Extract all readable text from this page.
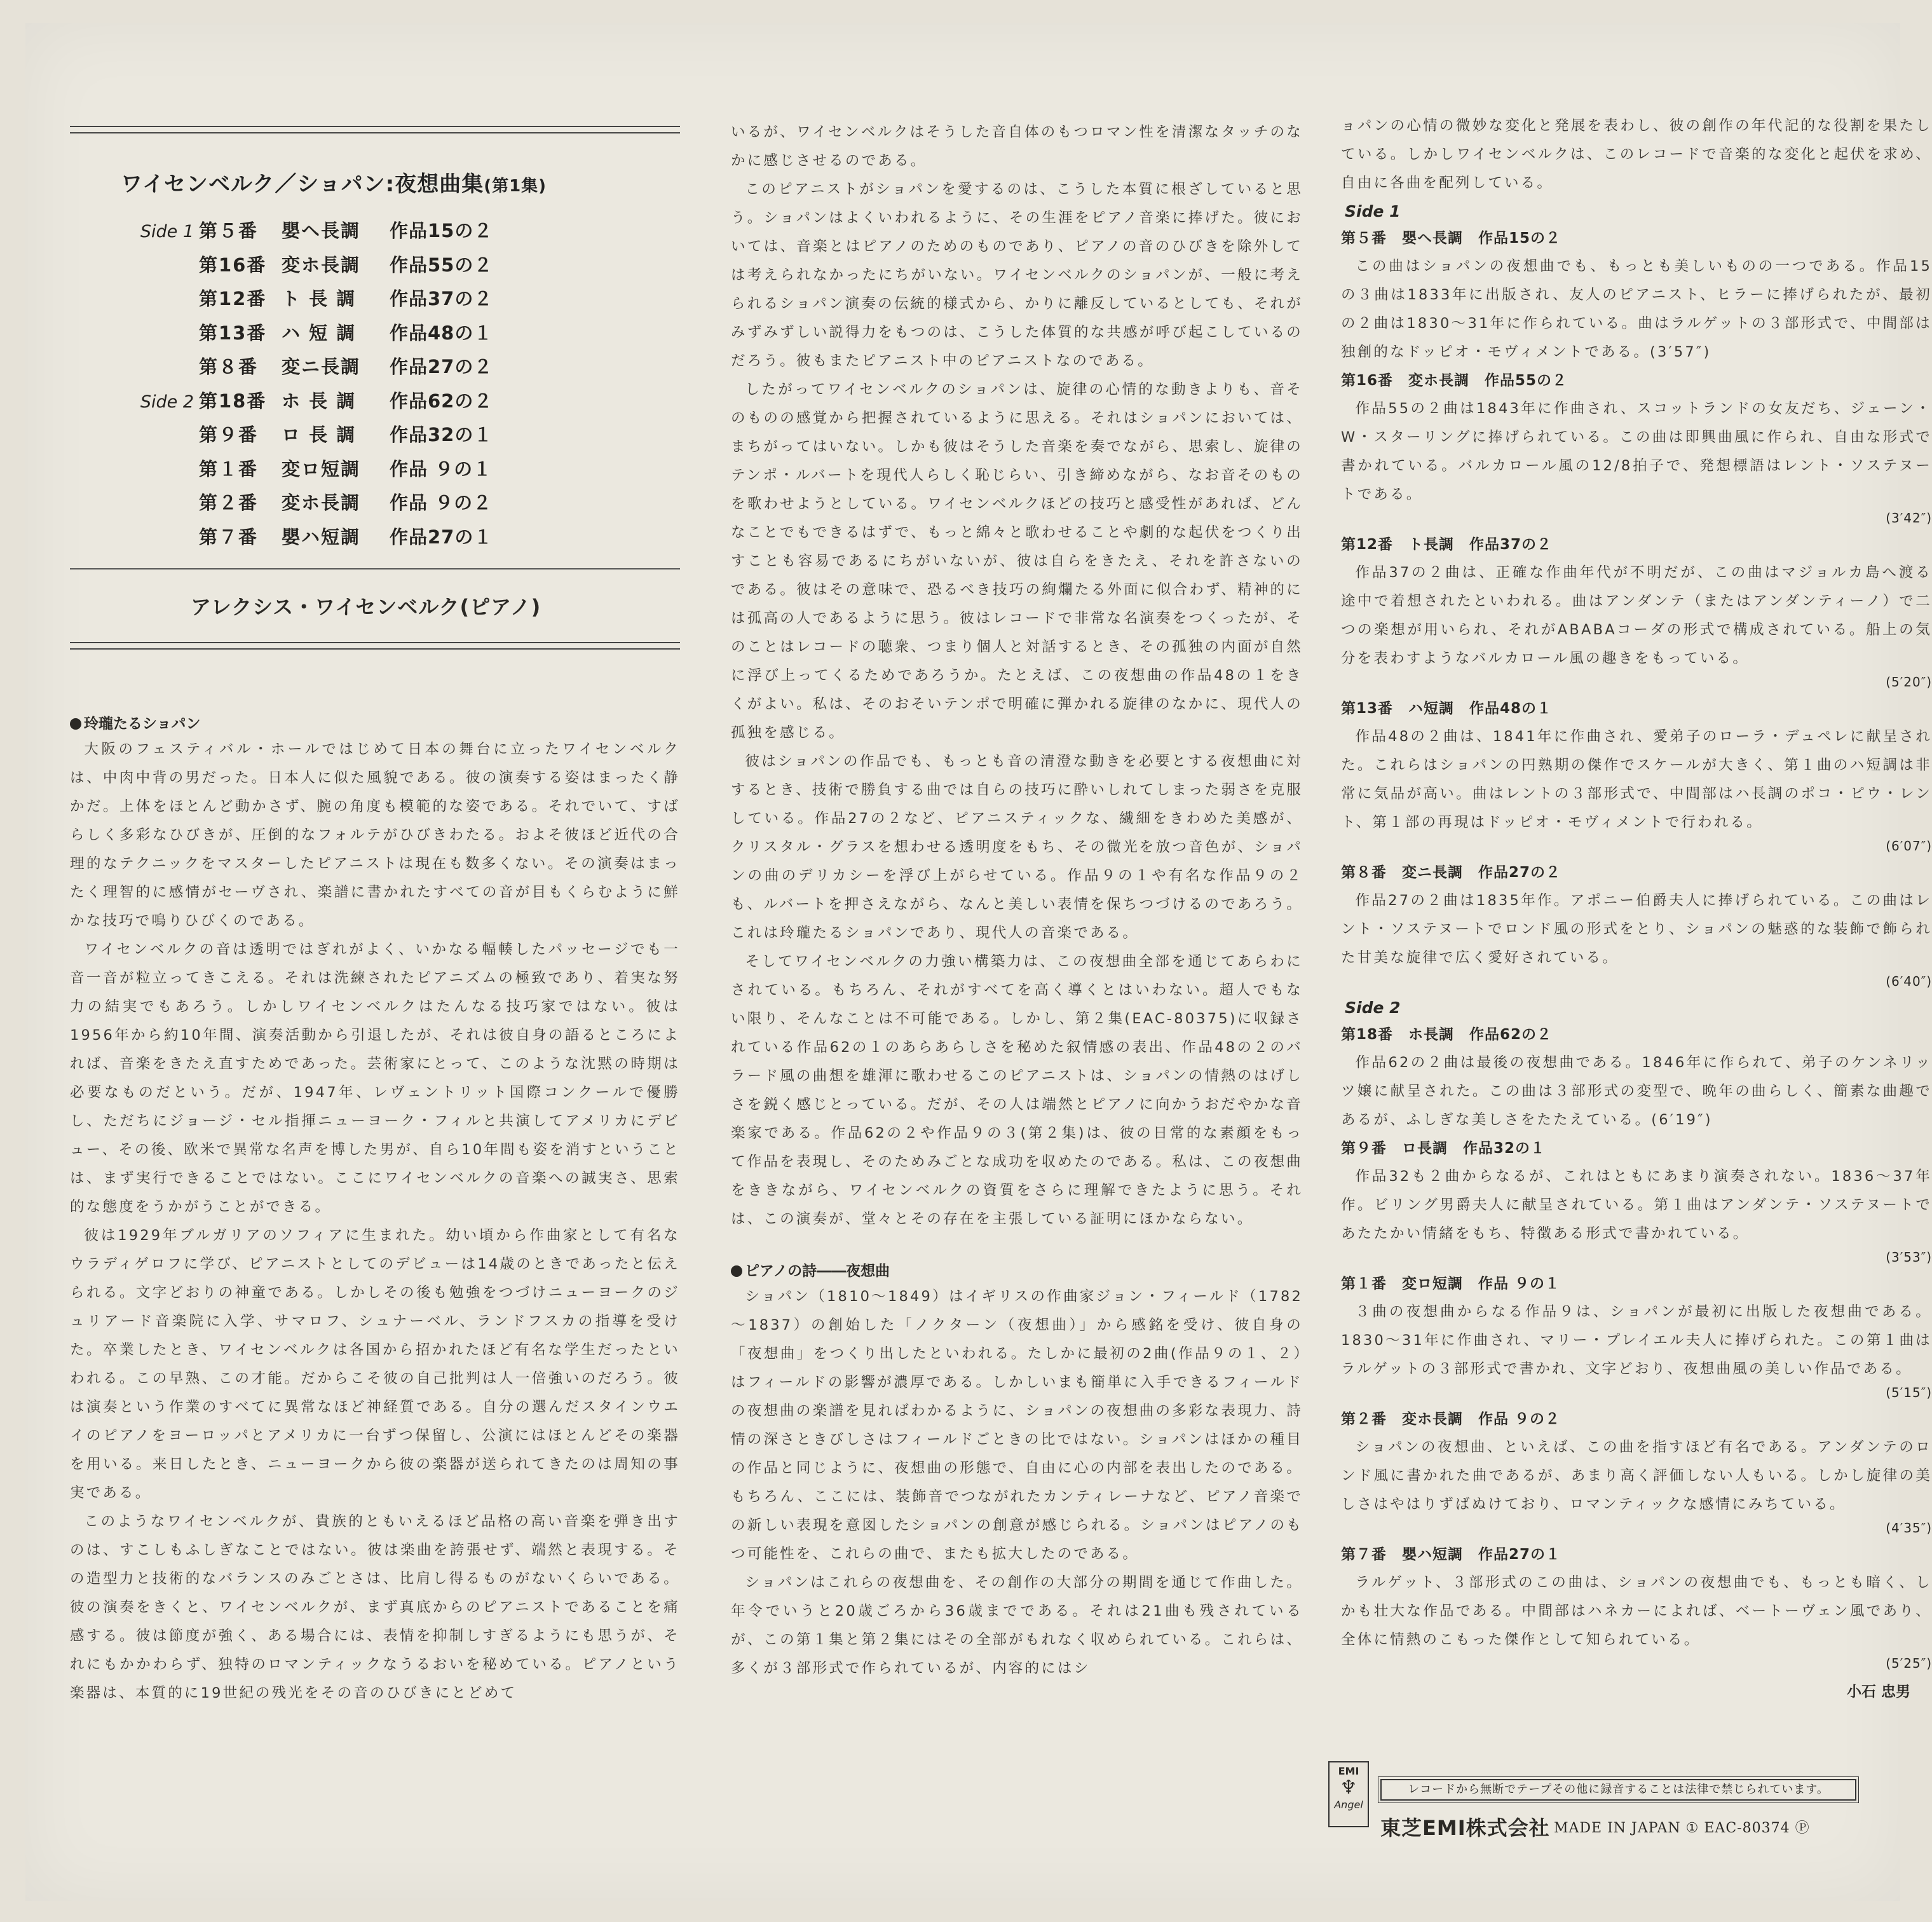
ワイセンベルク／ショパン:夜想曲集(第1集)
Side 1 第５番	嬰ヘ長調	作品15の２
第16番 変ホ長調	作品55の２
第12番 ト 長 調	作品37の２
第13番 ハ 短 調	作品48の１
第８番	変ニ長調	作品27の２
Side 2 第18番 ホ 長 調	作品62の２
第９番	ロ 長 調	作品32の１
第１番	変ロ短調	作品 ９の１
第２番	変ホ長調	作品 ９の２
第７番	嬰ハ短調	作品27の１
アレクシス・ワイセンベルク(ピアノ)
玲瓏たるショパン

大阪のフェスティバル・ホールではじめて日本の舞台に立ったワイセンベルクは、中肉中背の男だった。日本人に似た風貌である。彼の演奏する姿はまったく静かだ。上体をほとんど動かさず、腕の角度も模範的な姿である。それでいて、すばらしく多彩なひびきが、圧倒的なフォルテがひびきわたる。およそ彼ほど近代の合理的なテクニックをマスターしたピアニストは現在も数多くない。その演奏はまったく理智的に感情がセーヴされ、楽譜に書かれたすべての音が目もくらむように鮮かな技巧で鳴りひびくのである。

ワイセンベルクの音は透明ではぎれがよく、いかなる輻輳したパッセージでも一音一音が粒立ってきこえる。それは洗練されたピアニズムの極致であり、着実な努力の結実でもあろう。しかしワイセンベルクはたんなる技巧家ではない。彼は1956年から約10年間、演奏活動から引退したが、それは彼自身の語るところによれば、音楽をきたえ直すためであった。芸術家にとって、このような沈黙の時期は必要なものだという。だが、1947年、レヴェントリット国際コンクールで優勝し、ただちにジョージ・セル指揮ニューヨーク・フィルと共演してアメリカにデビュー、その後、欧米で異常な名声を博した男が、自ら10年間も姿を消すということは、まず実行できることではない。ここにワイセンベルクの音楽への誠実さ、思索的な態度をうかがうことができる。

彼は1929年ブルガリアのソフィアに生まれた。幼い頃から作曲家として有名なウラディゲロフに学び、ピアニストとしてのデビューは14歳のときであったと伝えられる。文字どおりの神童である。しかしその後も勉強をつづけニューヨークのジュリアード音楽院に入学、サマロフ、シュナーベル、ランドフスカの指導を受けた。卒業したとき、ワイセンベルクは各国から招かれたほど有名な学生だったといわれる。この早熟、この才能。だからこそ彼の自己批判は人一倍強いのだろう。彼は演奏という作業のすべてに異常なほど神経質である。自分の選んだスタインウエイのピアノをヨーロッパとアメリカに一台ずつ保留し、公演にはほとんどその楽器を用いる。来日したとき、ニューヨークから彼の楽器が送られてきたのは周知の事実である。

このようなワイセンベルクが、貴族的ともいえるほど品格の高い音楽を弾き出すのは、すこしもふしぎなことではない。彼は楽曲を誇張せず、端然と表現する。その造型力と技術的なバランスのみごとさは、比肩し得るものがないくらいである。彼の演奏をきくと、ワイセンベルクが、まず真底からのピアニストであることを痛感する。彼は節度が強く、ある場合には、表情を抑制しすぎるようにも思うが、それにもかかわらず、独特のロマンティックなうるおいを秘めている。ピアノという楽器は、本質的に19世紀の残光をその音のひびきにとどめて

いるが、ワイセンベルクはそうした音自体のもつロマン性を清潔なタッチのなかに感じさせるのである。

このピアニストがショパンを愛するのは、こうした本質に根ざしていると思う。ショパンはよくいわれるように、その生涯をピアノ音楽に捧げた。彼においては、音楽とはピアノのためのものであり、ピアノの音のひびきを除外しては考えられなかったにちがいない。ワイセンベルクのショパンが、一般に考えられるショパン演奏の伝統的様式から、かりに離反しているとしても、それがみずみずしい説得力をもつのは、こうした体質的な共感が呼び起こしているのだろう。彼もまたピアニスト中のピアニストなのである。

したがってワイセンベルクのショパンは、旋律の心情的な動きよりも、音そのものの感覚から把握されているように思える。それはショパンにおいては、まちがってはいない。しかも彼はそうした音楽を奏でながら、思索し、旋律のテンポ・ルバートを現代人らしく恥じらい、引き締めながら、なお音そのものを歌わせようとしている。ワイセンベルクほどの技巧と感受性があれば、どんなことでもできるはずで、もっと綿々と歌わせることや劇的な起伏をつくり出すことも容易であるにちがいないが、彼は自らをきたえ、それを許さないのである。彼はその意味で、恐るべき技巧の絢爛たる外面に似合わず、精神的には孤高の人であるように思う。彼はレコードで非常な名演奏をつくったが、そのことはレコードの聴衆、つまり個人と対話するとき、その孤独の内面が自然に浮び上ってくるためであろうか。たとえば、この夜想曲の作品48の１をきくがよい。私は、そのおそいテンポで明確に弾かれる旋律のなかに、現代人の孤独を感じる。

彼はショパンの作品でも、もっとも音の清澄な動きを必要とする夜想曲に対するとき、技術で勝負する曲では自らの技巧に酔いしれてしまった弱さを克服している。作品27の２など、ピアニスティックな、繊細をきわめた美感が、クリスタル・グラスを想わせる透明度をもち、その微光を放つ音色が、ショパンの曲のデリカシーを浮び上がらせている。作品９の１や有名な作品９の２も、ルバートを押さえながら、なんと美しい表情を保ちつづけるのであろう。これは玲瓏たるショパンであり、現代人の音楽である。

そしてワイセンベルクの力強い構築力は、この夜想曲全部を通じてあらわにされている。もちろん、それがすべてを高く導くとはいわない。超人でもない限り、そんなことは不可能である。しかし、第２集(EAC-80375)に収録されている作品62の１のあらあらしさを秘めた叙情感の表出、作品48の２のバラード風の曲想を雄渾に歌わせるこのピアニストは、ショパンの情熱のはげしさを鋭く感じとっている。だが、その人は端然とピアノに向かうおだやかな音楽家である。作品62の２や作品９の３(第２集)は、彼の日常的な素顔をもって作品を表現し、そのためみごとな成功を収めたのである。私は、この夜想曲をききながら、ワイセンベルクの資質をさらに理解できたように思う。それは、この演奏が、堂々とその存在を主張している証明にほかならない。

ピアノの詩――夜想曲

ショパン（1810～1849）はイギリスの作曲家ジョン・フィールド（1782～1837）の創始した「ノクターン（夜想曲）」から感銘を受け、彼自身の「夜想曲」をつくり出したといわれる。たしかに最初の2曲(作品９の１、２）はフィールドの影響が濃厚である。しかしいまも簡単に入手できるフィールドの夜想曲の楽譜を見ればわかるように、ショパンの夜想曲の多彩な表現力、詩情の深さときびしさはフィールドごときの比ではない。ショパンはほかの種目の作品と同じように、夜想曲の形態で、自由に心の内部を表出したのである。もちろん、ここには、装飾音でつながれたカンティレーナなど、ピアノ音楽での新しい表現を意図したショパンの創意が感じられる。ショパンはピアノのもつ可能性を、これらの曲で、またも拡大したのである。

ショパンはこれらの夜想曲を、その創作の大部分の期間を通じて作曲した。年令でいうと20歳ごろから36歳までである。それは21曲も残されているが、この第１集と第２集にはその全部がもれなく収められている。これらは、多くが３部形式で作られているが、内容的にはシ

ョパンの心情の微妙な変化と発展を表わし、彼の創作の年代記的な役割を果たしている。しかしワイセンベルクは、このレコードで音楽的な変化と起伏を求め、自由に各曲を配列している。

Side 1
第５番 嬰ヘ長調 作品15の２

この曲はショパンの夜想曲でも、もっとも美しいものの一つである。作品15の３曲は1833年に出版され、友人のピアニスト、ヒラーに捧げられたが、最初の２曲は1830～31年に作られている。曲はラルゲットの３部形式で、中間部は独創的なドッピオ・モヴィメントである。(3′57″)

第16番 変ホ長調 作品55の２

作品55の２曲は1843年に作曲され、スコットランドの女友だち、ジェーン・W・スターリングに捧げられている。この曲は即興曲風に作られ、自由な形式で書かれている。バルカロール風の12/8拍子で、発想標語はレント・ソステヌートである。

(3′42″)
第12番 ト長調 作品37の２

作品37の２曲は、正確な作曲年代が不明だが、この曲はマジョルカ島へ渡る途中で着想されたといわれる。曲はアンダンテ（またはアンダンティーノ）で二つの楽想が用いられ、それがABABAコーダの形式で構成されている。船上の気分を表わすようなバルカロール風の趣きをもっている。

(5′20″)
第13番 ハ短調 作品48の１

作品48の２曲は、1841年に作曲され、愛弟子のローラ・デュペレに献呈された。これらはショパンの円熟期の傑作でスケールが大きく、第１曲のハ短調は非常に気品が高い。曲はレントの３部形式で、中間部はハ長調のポコ・ピウ・レント、第１部の再現はドッピオ・モヴィメントで行われる。

(6′07″)
第８番 変ニ長調 作品27の２

作品27の２曲は1835年作。アポニー伯爵夫人に捧げられている。この曲はレント・ソステヌートでロンド風の形式をとり、ショパンの魅惑的な装飾で飾られた甘美な旋律で広く愛好されている。

(6′40″)
Side 2
第18番 ホ長調 作品62の２

作品62の２曲は最後の夜想曲である。1846年に作られて、弟子のケンネリッツ嬢に献呈された。この曲は３部形式の変型で、晩年の曲らしく、簡素な曲趣であるが、ふしぎな美しさをたたえている。(6′19″)

第９番 ロ長調 作品32の１

作品32も２曲からなるが、これはともにあまり演奏されない。1836～37年作。ビリング男爵夫人に献呈されている。第１曲はアンダンテ・ソステヌートであたたかい情緒をもち、特徴ある形式で書かれている。

(3′53″)
第１番 変ロ短調 作品 ９の１

３曲の夜想曲からなる作品９は、ショパンが最初に出版した夜想曲である。1830～31年に作曲され、マリー・プレイエル夫人に捧げられた。この第１曲はラルゲットの３部形式で書かれ、文字どおり、夜想曲風の美しい作品である。

(5′15″)
第２番 変ホ長調 作品 ９の２

ショパンの夜想曲、といえば、この曲を指すほど有名である。アンダンテのロンド風に書かれた曲であるが、あまり高く評価しない人もいる。しかし旋律の美しさはやはりずばぬけており、ロマンティックな感情にみちている。

(4′35″)
第７番 嬰ハ短調 作品27の１

ラルゲット、３部形式のこの曲は、ショパンの夜想曲でも、もっとも暗く、しかも壮大な作品である。中間部はハネカーによれば、ベートーヴェン風であり、全体に情熱のこもった傑作として知られている。

(5′25″)
小石 忠男
EMI
♆
Angel
レコードから無断でテープその他に録音することは法律で禁じられています。
東芝EMI株式会社 MADE IN JAPAN ① EAC-80374 Ⓟ
